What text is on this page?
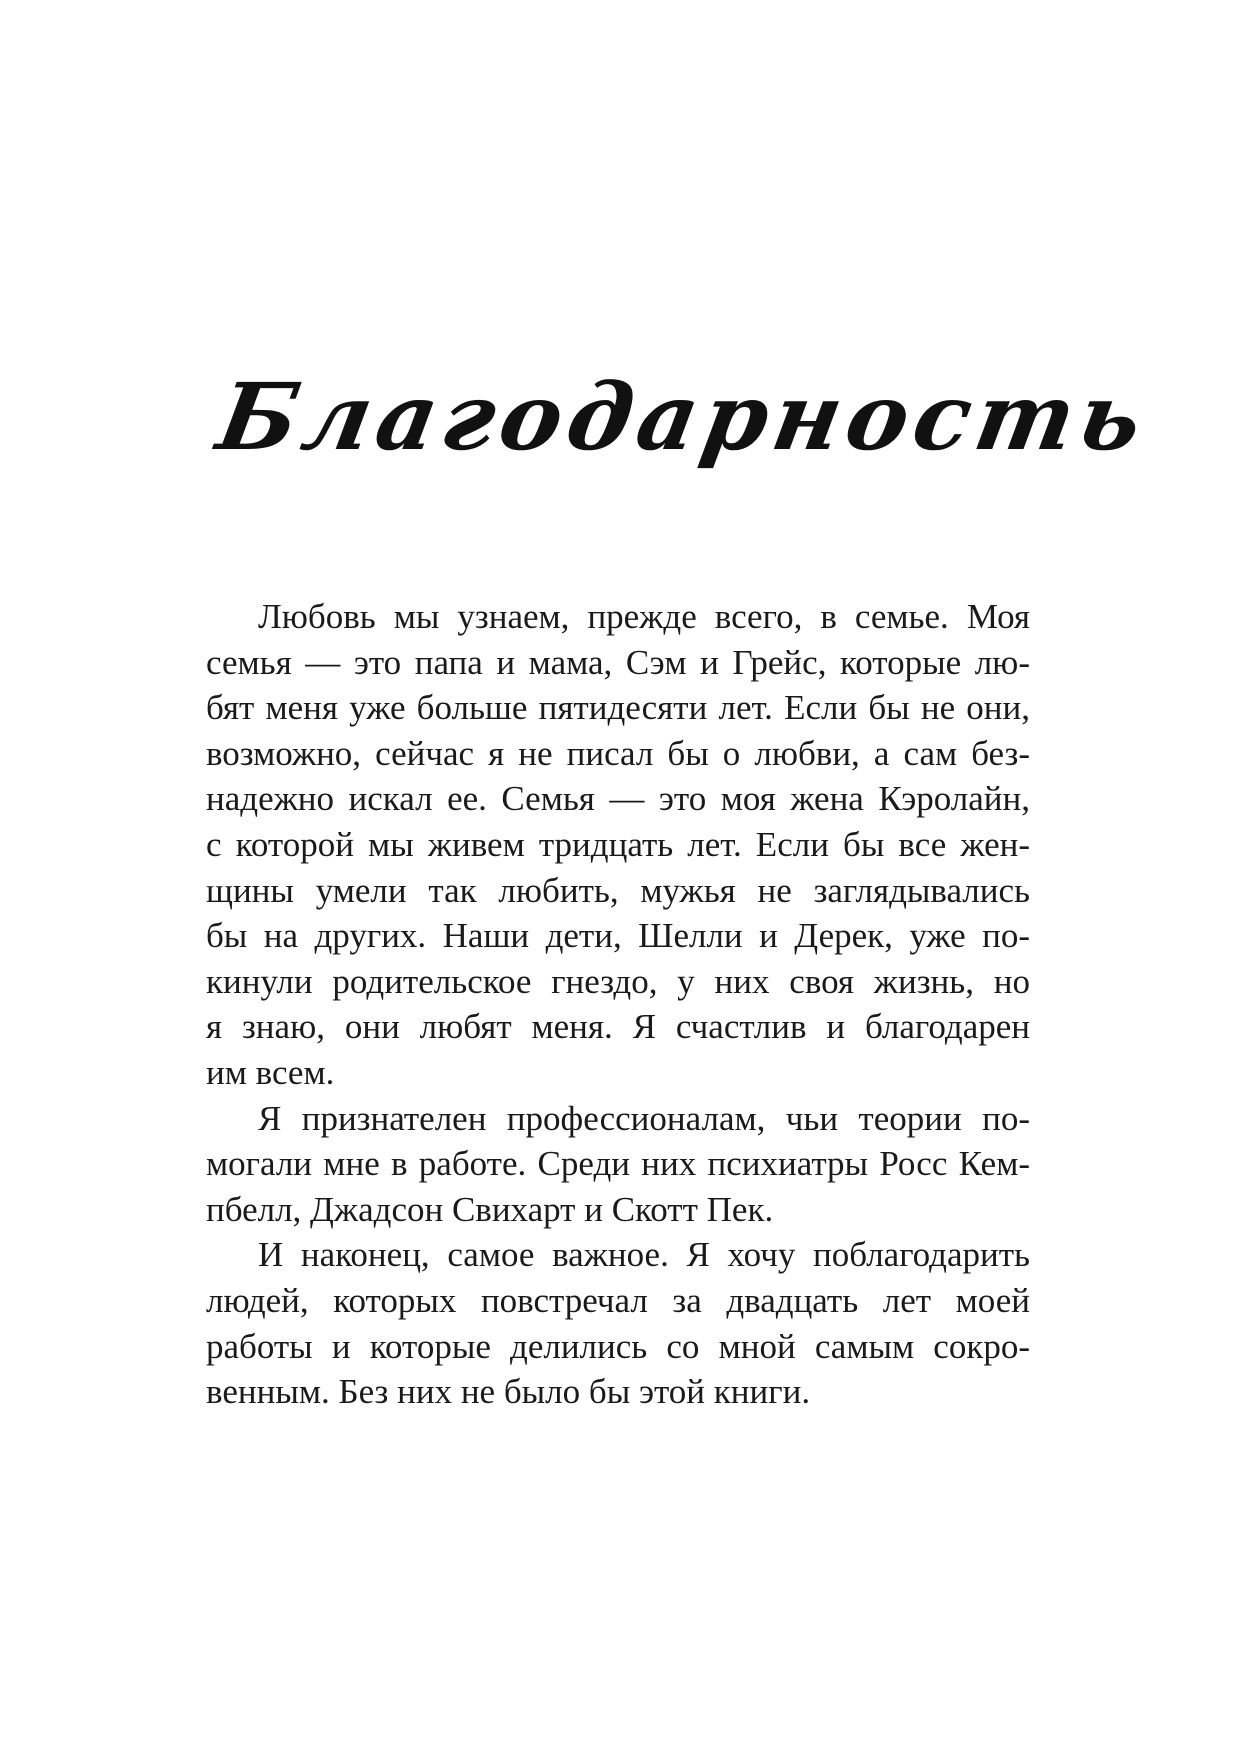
Благодарность

Любовь мы узнаем, прежде всего, в семье. Моя
семья — это папа и мама, Сэм и Грейс, которые лю-
бят меня уже больше пятидесяти лет. Если бы не они,
возможно, сейчас я не писал бы о любви, а сам без-
надежно искал ее. Семья — это моя жена Кэролайн,
с которой мы живем тридцать лет. Если бы все жен-
щины умели так любить, мужья не заглядывались
бы на других. Наши дети, Шелли и Дерек, уже по-
кинули родительское гнездо, у них своя жизнь, но
я знаю, они любят меня. Я счастлив и благодарен
им всем.

Я признателен профессионалам, чьи теории по-
могали мне в работе. Среди них психиатры Росс Кем-
пбелл, Джадсон Свихарт и Скотт Пек.

И наконец, самое важное. Я хочу поблагодарить
людей, которых повстречал за двадцать лет моей
работы и которые делились со мной самым сокро-
венным. Без них не было бы этой книги.
